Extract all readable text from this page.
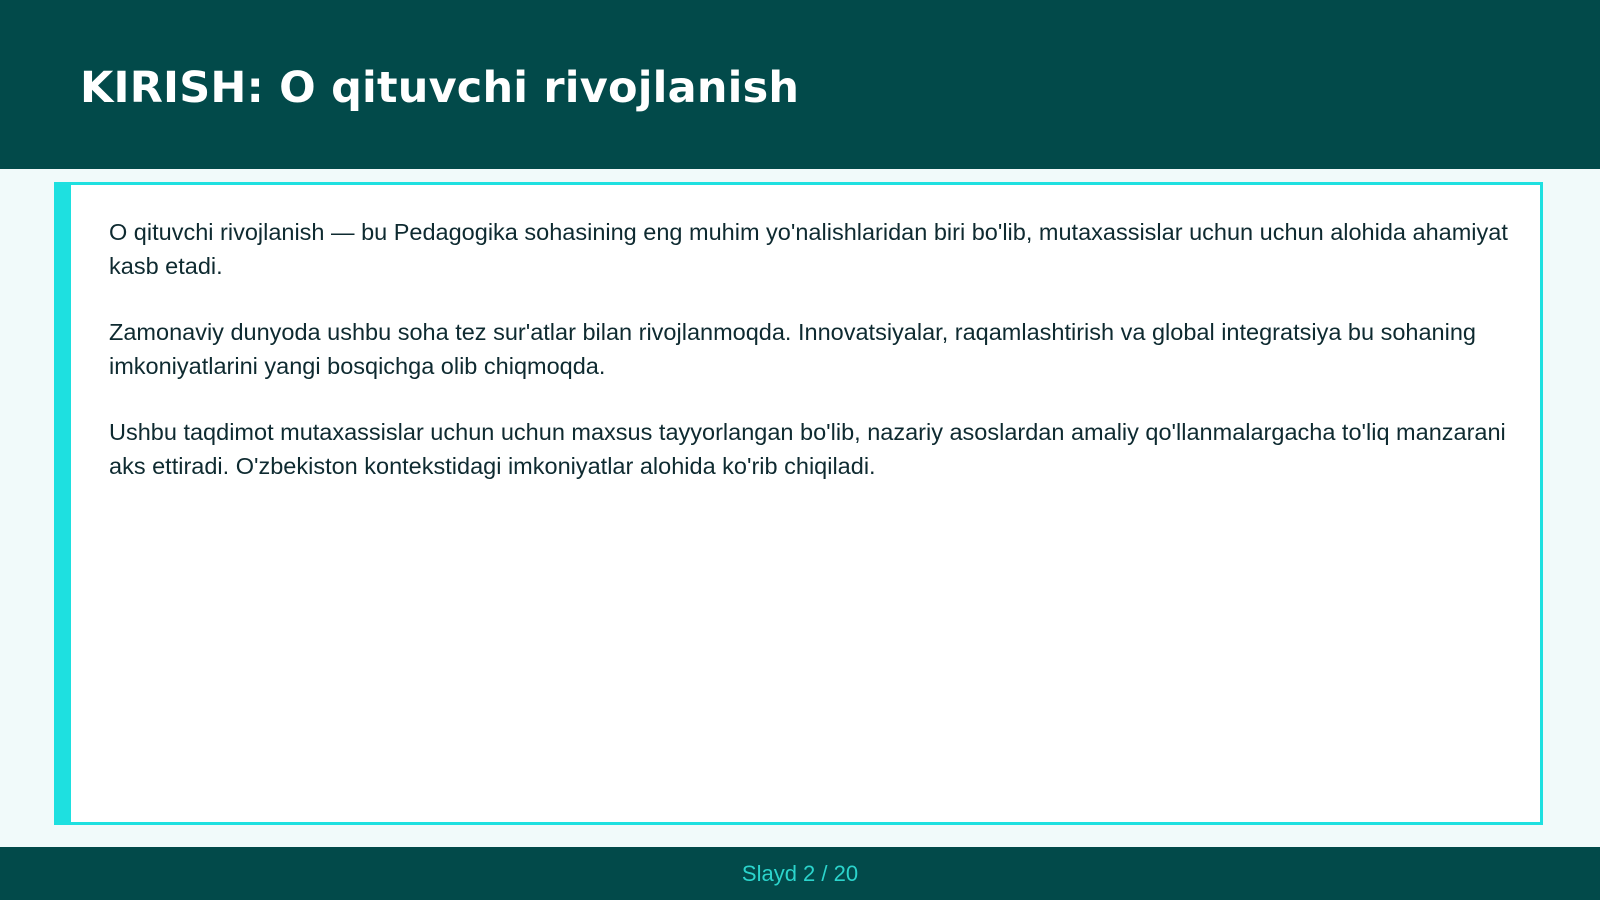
KIRISH: O qituvchi rivojlanish

O qituvchi rivojlanish — bu Pedagogika sohasining eng muhim yo'nalishlaridan biri bo'lib, mutaxassislar uchun uchun alohida ahamiyat kasb etadi.

Zamonaviy dunyoda ushbu soha tez sur'atlar bilan rivojlanmoqda. Innovatsiyalar, raqamlashtirish va global integratsiya bu sohaning imkoniyatlarini yangi bosqichga olib chiqmoqda.

Ushbu taqdimot mutaxassislar uchun uchun maxsus tayyorlangan bo'lib, nazariy asoslardan amaliy qo'llanmalargacha to'liq manzarani aks ettiradi. O'zbekiston kontekstidagi imkoniyatlar alohida ko'rib chiqiladi.

Slayd 2 / 20
